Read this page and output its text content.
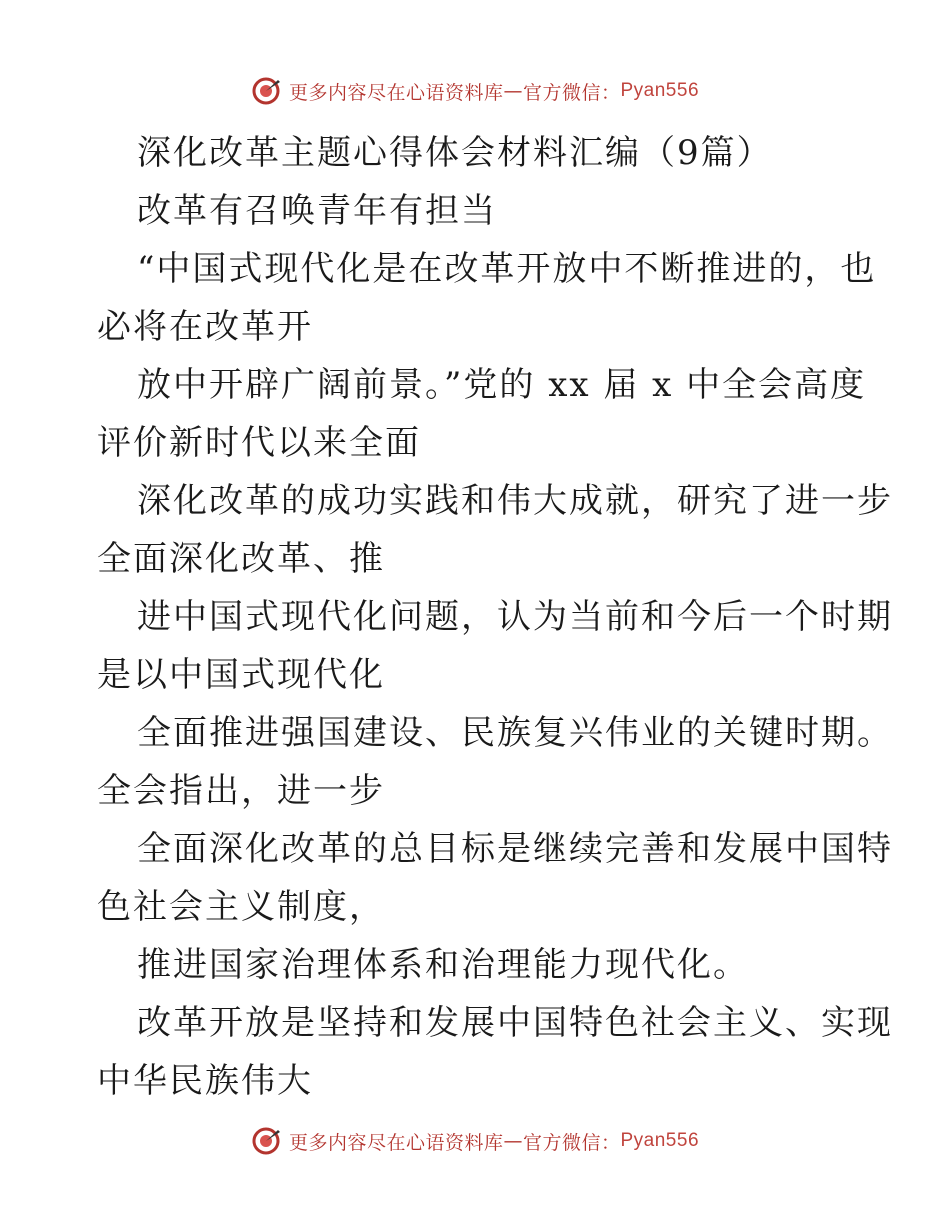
更多内容尽在心语资料库 — 官方微信： Pyan556
深化改革主题心得体会材料汇编（9篇）
改革有召唤青年有担当
“中国式现代化是在改革开放中不断推进的，也
必将在改革开
放中开辟广阔前景。”党的 xx 届 x 中全会高度
评价新时代以来全面
深化改革的成功实践和伟大成就，研究了进一步
全面深化改革、推
进中国式现代化问题，认为当前和今后一个时期
是以中国式现代化
全面推进强国建设、民族复兴伟业的关键时期。
全会指出，进一步
全面深化改革的总目标是继续完善和发展中国特
色社会主义制度，
推进国家治理体系和治理能力现代化。
改革开放是坚持和发展中国特色社会主义、实现
中华民族伟大
更多内容尽在心语资料库 — 官方微信： Pyan556
